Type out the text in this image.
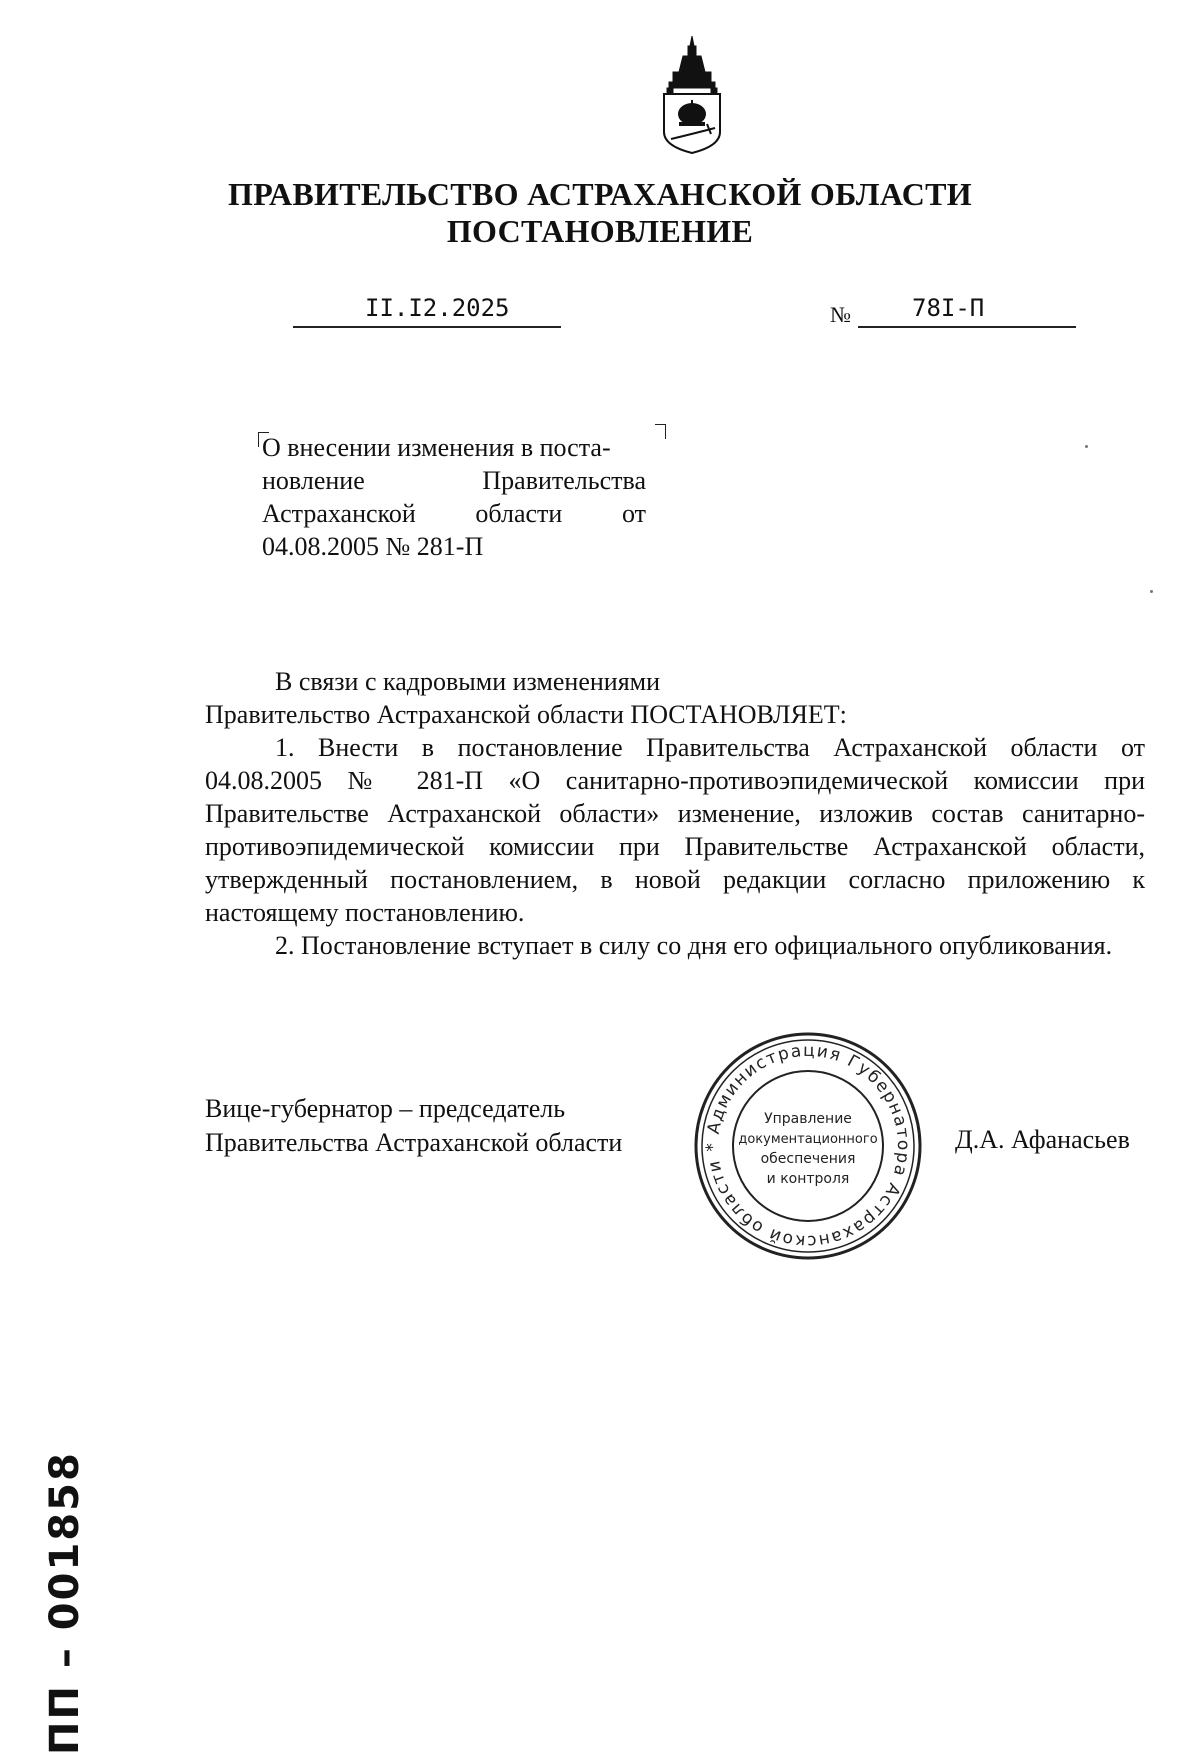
ПРАВИТЕЛЬСТВО АСТРАХАНСКОЙ ОБЛАСТИ
ПОСТАНОВЛЕНИЕ
II.I2.2025	№	78I-П
О внесении изменения в поста-
новление Правительства
Астраханской области от
04.08.2005 № 281-П
В связи с кадровыми изменениями
Правительство Астраханской области ПОСТАНОВЛЯЕТ:
1. Внести в постановление Правительства Астраханской области от 04.08.2005 № 281-П «О санитарно-противоэпидемической комиссии при Правительстве Астраханской области» изменение, изложив состав санитарно-противоэпидемической комиссии при Правительстве Астраханской области, утвержденный постановлением, в новой редакции согласно приложению к настоящему постановлению.
2. Постановление вступает в силу со дня его официального опубликования.
Вице-губернатор – председатель
Правительства Астраханской области	Д.А. Афанасьев
Администрация Губернатора Астраханской области *
Управление
документационного
обеспечения
и контроля
ПП – 001858
